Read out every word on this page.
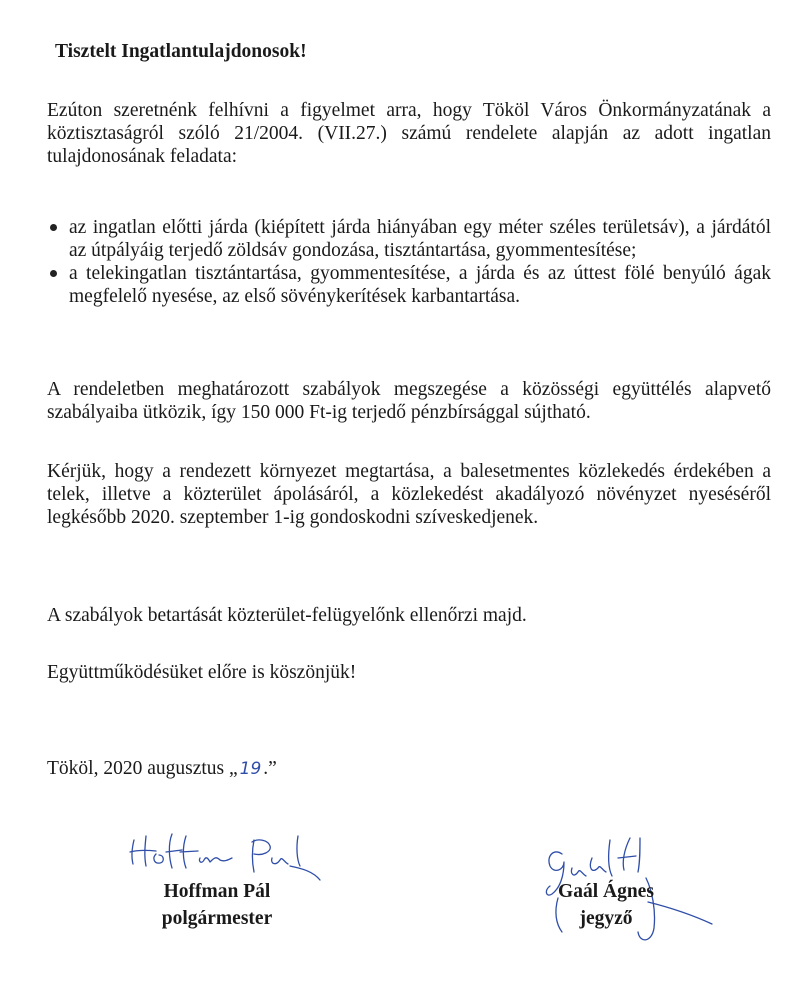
Tisztelt Ingatlantulajdonosok!
Ezúton szeretnénk felhívni a figyelmet arra, hogy Tököl Város Önkormányzatának a köztisztaságról szóló 21/2004. (VII.27.) számú rendelete alapján az adott ingatlan tulajdonosának feladata:
az ingatlan előtti járda (kiépített járda hiányában egy méter széles területsáv), a járdától az útpályáig terjedő zöldsáv gondozása, tisztántartása, gyommentesítése;
a telekingatlan tisztántartása, gyommentesítése, a járda és az úttest fölé benyúló ágak megfelelő nyesése, az első sövénykerítések karbantartása.
A rendeletben meghatározott szabályok megszegése a közösségi együttélés alapvető szabályaiba ütközik, így 150 000 Ft-ig terjedő pénzbírsággal sújtható.
Kérjük, hogy a rendezett környezet megtartása, a balesetmentes közlekedés érdekében a telek, illetve a közterület ápolásáról, a közlekedést akadályozó növényzet nyeséséről legkésőbb 2020. szeptember 1-ig gondoskodni szíveskedjenek.
A szabályok betartását közterület-felügyelőnk ellenőrzi majd.
Együttműködésüket előre is köszönjük!
Tököl, 2020 augusztus „ 19 .”
Hoffman Pál
polgármester
Gaál Ágnes
jegyző
